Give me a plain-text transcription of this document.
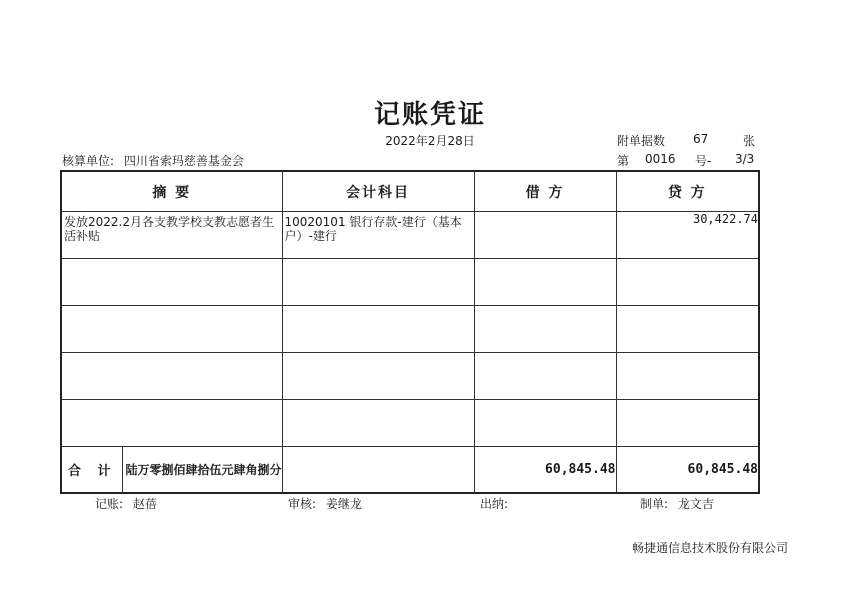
记账凭证
2022年2月28日	附单据数 67	张
核算单位: 四川省索玛慈善基金会	第 0016 号- 3/3
摘 要	会计科目	借 方	贷 方

发放2022.2月各支教学校支教志愿者生活补贴	10020101 银行存款-建行（基本户）-建行		30,422.74

合 计 陆万零捌佰肆拾伍元肆角捌分		60,845.48	60,845.48
记账: 赵蓓	审核: 姜继龙	出纳:	制单: 龙文吉
畅捷通信息技术股份有限公司
